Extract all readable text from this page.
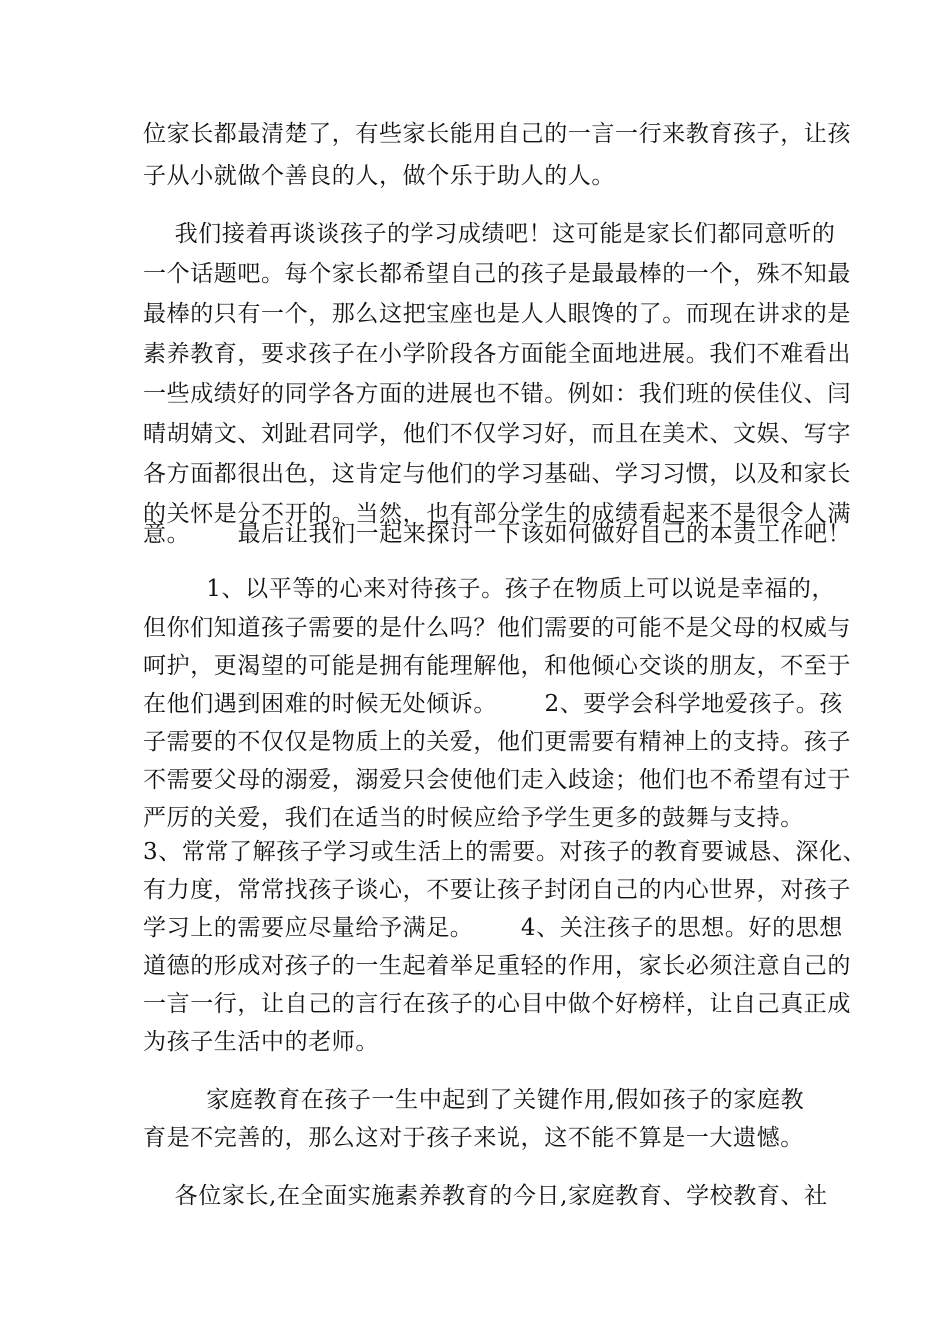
位家长都最清楚了，有些家长能用自己的一言一行来教育孩子，让孩
子从小就做个善良的人，做个乐于助人的人。
我们接着再谈谈孩子的学习成绩吧！这可能是家长们都同意听的
一个话题吧。每个家长都希望自己的孩子是最最棒的一个，殊不知最
最棒的只有一个，那么这把宝座也是人人眼馋的了。而现在讲求的是
素养教育，要求孩子在小学阶段各方面能全面地进展。我们不难看出
一些成绩好的同学各方面的进展也不错。例如：我们班的侯佳仪、闫
晴胡婧文、刘趾君同学，他们不仅学习好，而且在美术、文娱、写字
各方面都很出色，这肯定与他们的学习基础、学习习惯，以及和家长
的关怀是分不开的。当然，也有部分学生的成绩看起来不是很令人满
意。      最后让我们一起来探讨一下该如何做好自己的本责工作吧！
1、以平等的心来对待孩子。孩子在物质上可以说是幸福的，
但你们知道孩子需要的是什么吗？他们需要的可能不是父母的权威与
呵护，更渴望的可能是拥有能理解他，和他倾心交谈的朋友，不至于
在他们遇到困难的时候无处倾诉。      2、要学会科学地爱孩子。孩
子需要的不仅仅是物质上的关爱，他们更需要有精神上的支持。孩子
不需要父母的溺爱，溺爱只会使他们走入歧途；他们也不希望有过于
严厉的关爱，我们在适当的时候应给予学生更多的鼓舞与支持。
3、常常了解孩子学习或生活上的需要。对孩子的教育要诚恳、深化、
有力度，常常找孩子谈心，不要让孩子封闭自己的内心世界，对孩子
学习上的需要应尽量给予满足。      4、关注孩子的思想。好的思想
道德的形成对孩子的一生起着举足重轻的作用，家长必须注意自己的
一言一行，让自己的言行在孩子的心目中做个好榜样，让自己真正成
为孩子生活中的老师。
家庭教育在孩子一生中起到了关键作用,假如孩子的家庭教
育是不完善的，那么这对于孩子来说，这不能不算是一大遗憾。
各位家长,在全面实施素养教育的今日,家庭教育、学校教育、社
